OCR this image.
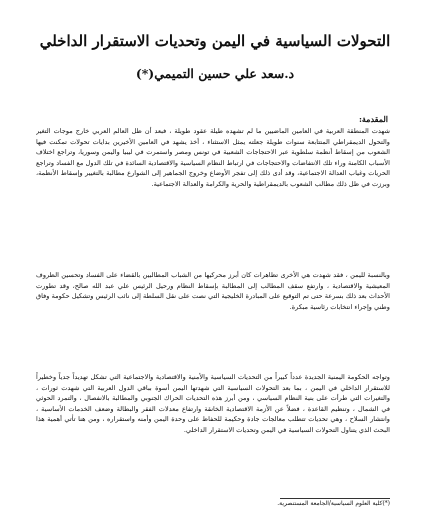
التحولات السياسية في اليمن وتحديات الاستقرار الداخلي
د.سعد علي حسين التميمي(*)
المقدمة:

شهدت المنطقة العربية في العامين الماضيين ما لم تشهده طيلة عقود طويلة ، فبعد أن ظل العالم العربي خارج موجات التغير والتحول الديمقراطي المتتابعة سنوات طويلة جعلته يمثل الاستثناء ، أخذ يشهد في العامين الأخيرين بدايات تحولات تمكنت فيها الشعوب من إسقاط أنظمة سلطوية عبر الاحتجاجات الشعبية في تونس ومصر واستمرت في ليبيا واليمن وسوريا، وتراجع اختلاف الأسباب الكامنة وراء تلك الانتفاضات والاحتجاجات في ارتباط النظام السياسية والاقتصادية السائدة في تلك الدول مع الفساد وتراجع الحريات وغياب العدالة الاجتماعية، وقد أدى ذلك إلى تفجر الأوضاع وخروج الجماهير إلى الشوارع مطالبة بالتغيير وإسقاط الأنظمة، وبرزت في ظل ذلك مطالب الشعوب بالديمقراطية والحرية والكرامة والعدالة الاجتماعية.

وبالنسبة لليمن ، فقد شهدت هي الأخرى تظاهرات كان أبرز محركيها من الشباب المطالبين بالقضاء على الفساد وتحسين الظروف المعيشية والاقتصادية ، وارتفع سقف المطالب إلى المطالبة بإسقاط النظام ورحيل الرئيس علي عبد الله صالح، وقد تطورت الأحداث بعد ذلك بسرعة حتى تم التوقيع على المبادرة الخليجية التي نصت على نقل السلطة إلى نائب الرئيس وتشكيل حكومة وفاق وطني وإجراء انتخابات رئاسية مبكرة.

وتواجه الحكومة اليمنية الجديدة عدداً كبيراً من التحديات السياسية والأمنية والاقتصادية والاجتماعية التي تشكل تهديداً جدياً وخطيراً للاستقرار الداخلي في اليمن ، بما بعد التحولات السياسية التي شهدتها اليمن أسوة بباقي الدول العربية التي شهدت ثورات ، والتغيرات التي طرأت على بنية النظام السياسي ، ومن أبرز هذه التحديات الحراك الجنوبي والمطالبة بالانفصال ، والتمرد الحوثي في الشمال ، وتنظيم القاعدة ، فضلاً عن الأزمة الاقتصادية الخانقة وارتفاع معدلات الفقر والبطالة وضعف الخدمات الأساسية ، وانتشار السلاح ، وهي تحديات تتطلب معالجات جادة وحكيمة للحفاظ على وحدة اليمن وأمنه واستقراره ، ومن هنا تأتي أهمية هذا البحث الذي يتناول التحولات السياسية في اليمن وتحديات الاستقرار الداخلي.

(*)كلية العلوم السياسية/الجامعة المستنصرية.
